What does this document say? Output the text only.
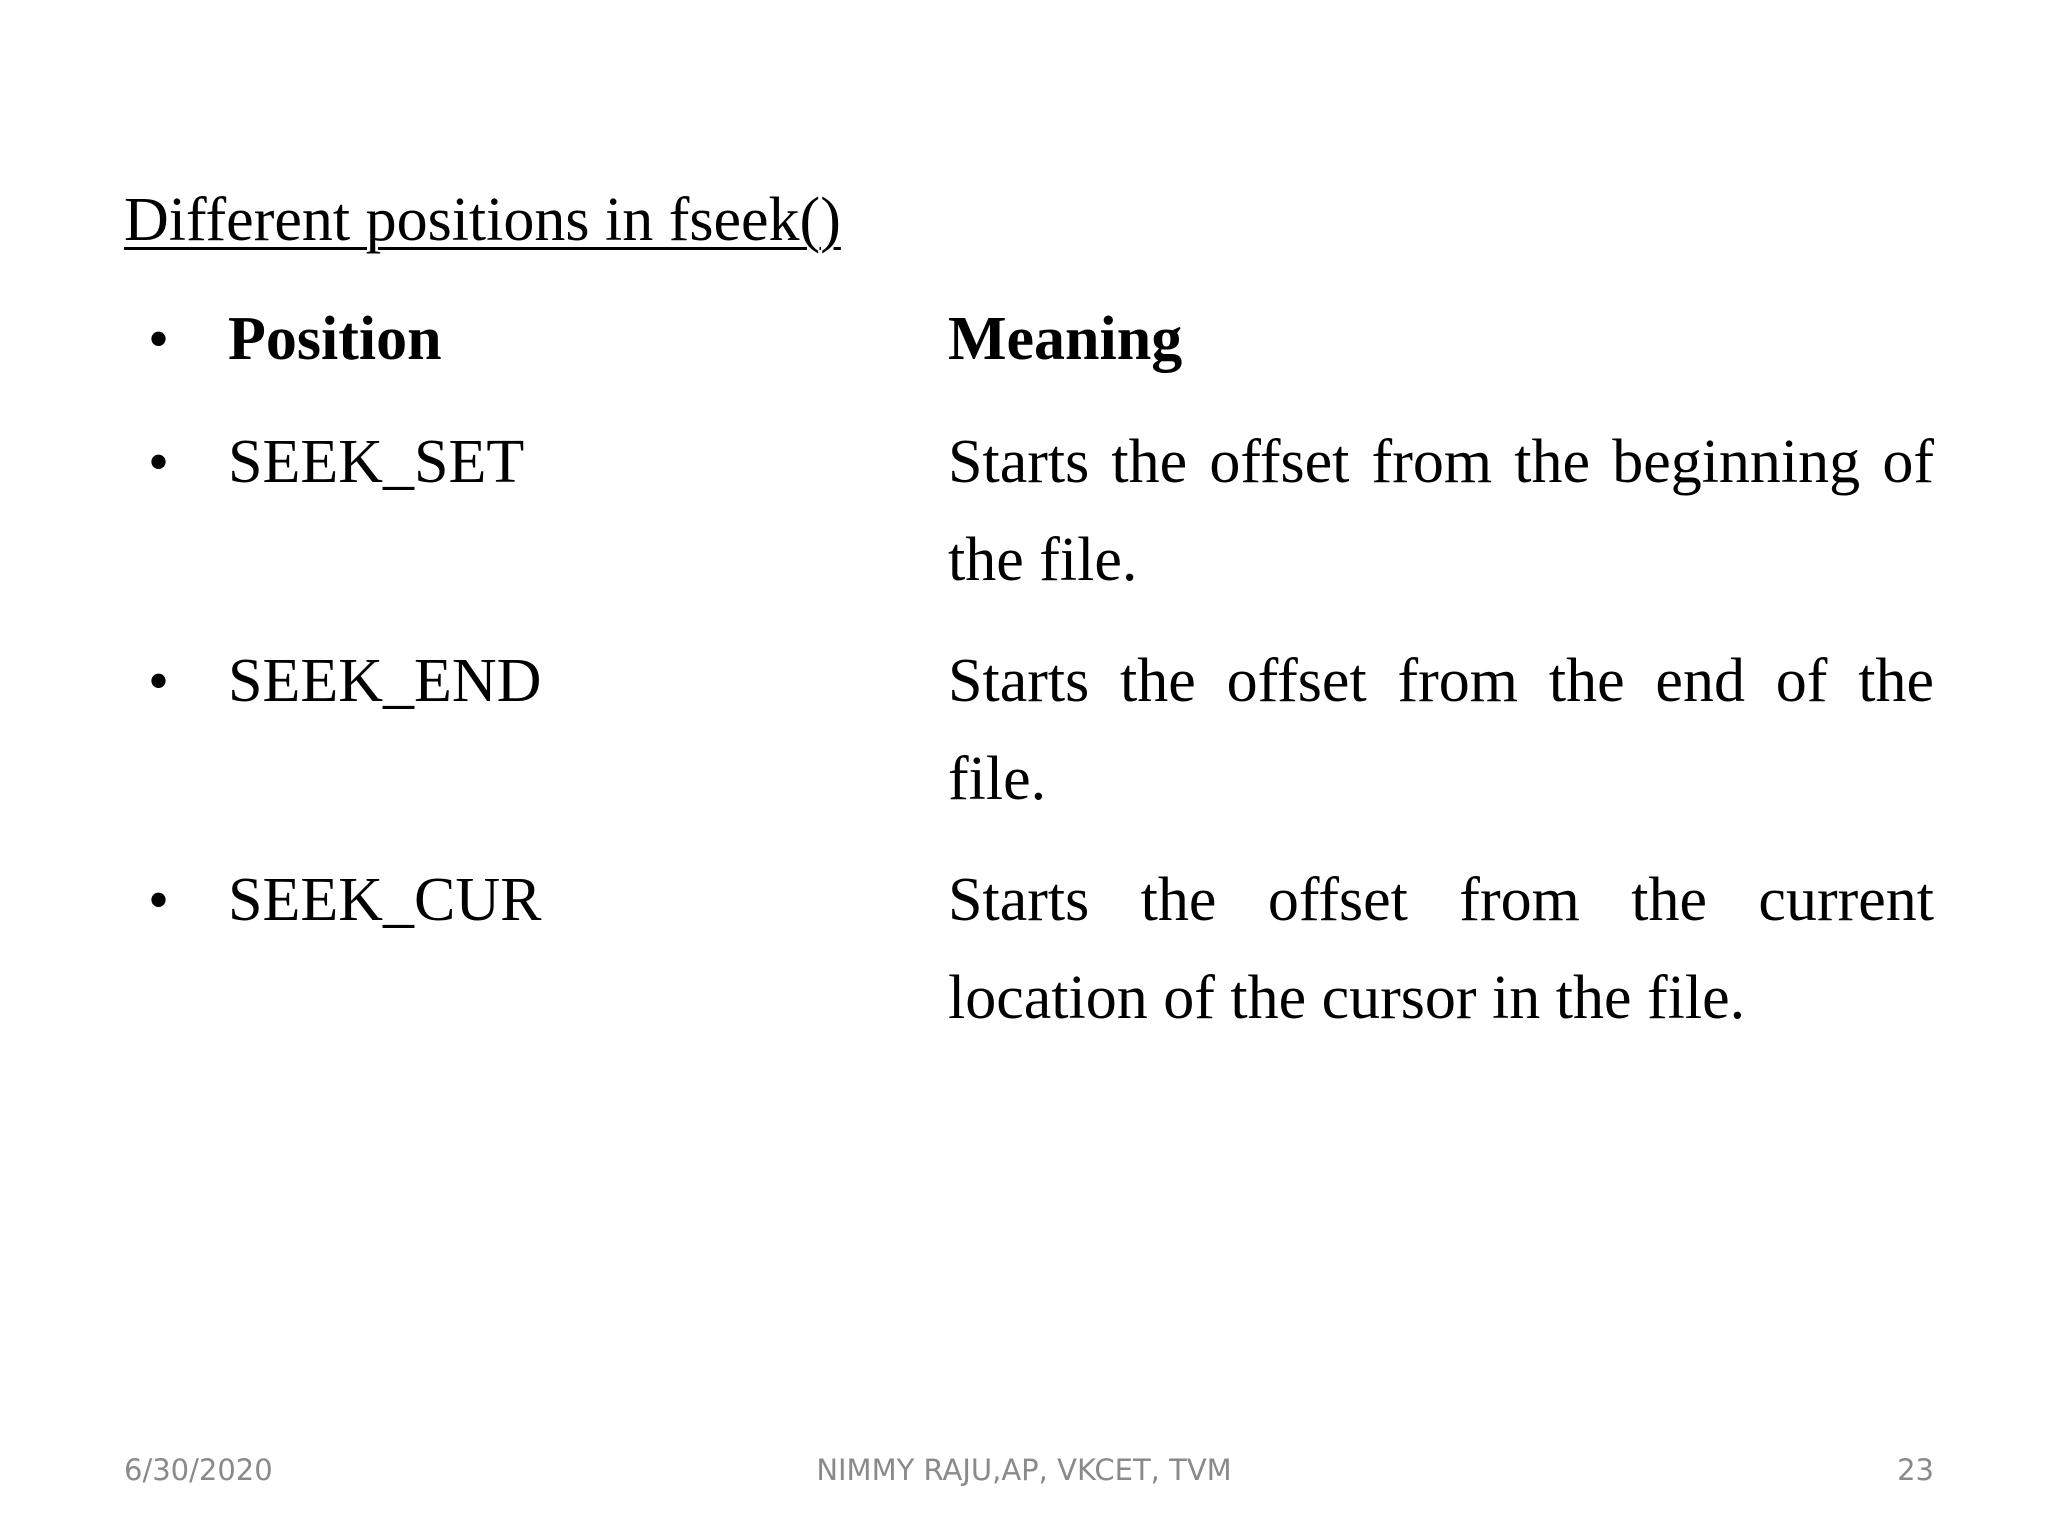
Different positions in fseek()
• Position	Meaning
• SEEK_SET	Starts the offset from the beginning of the file.
• SEEK_END	Starts the offset from the end of the file.
• SEEK_CUR	Starts the offset from the current location of the cursor in the file.
6/30/2020	NIMMY RAJU,AP, VKCET, TVM	23
